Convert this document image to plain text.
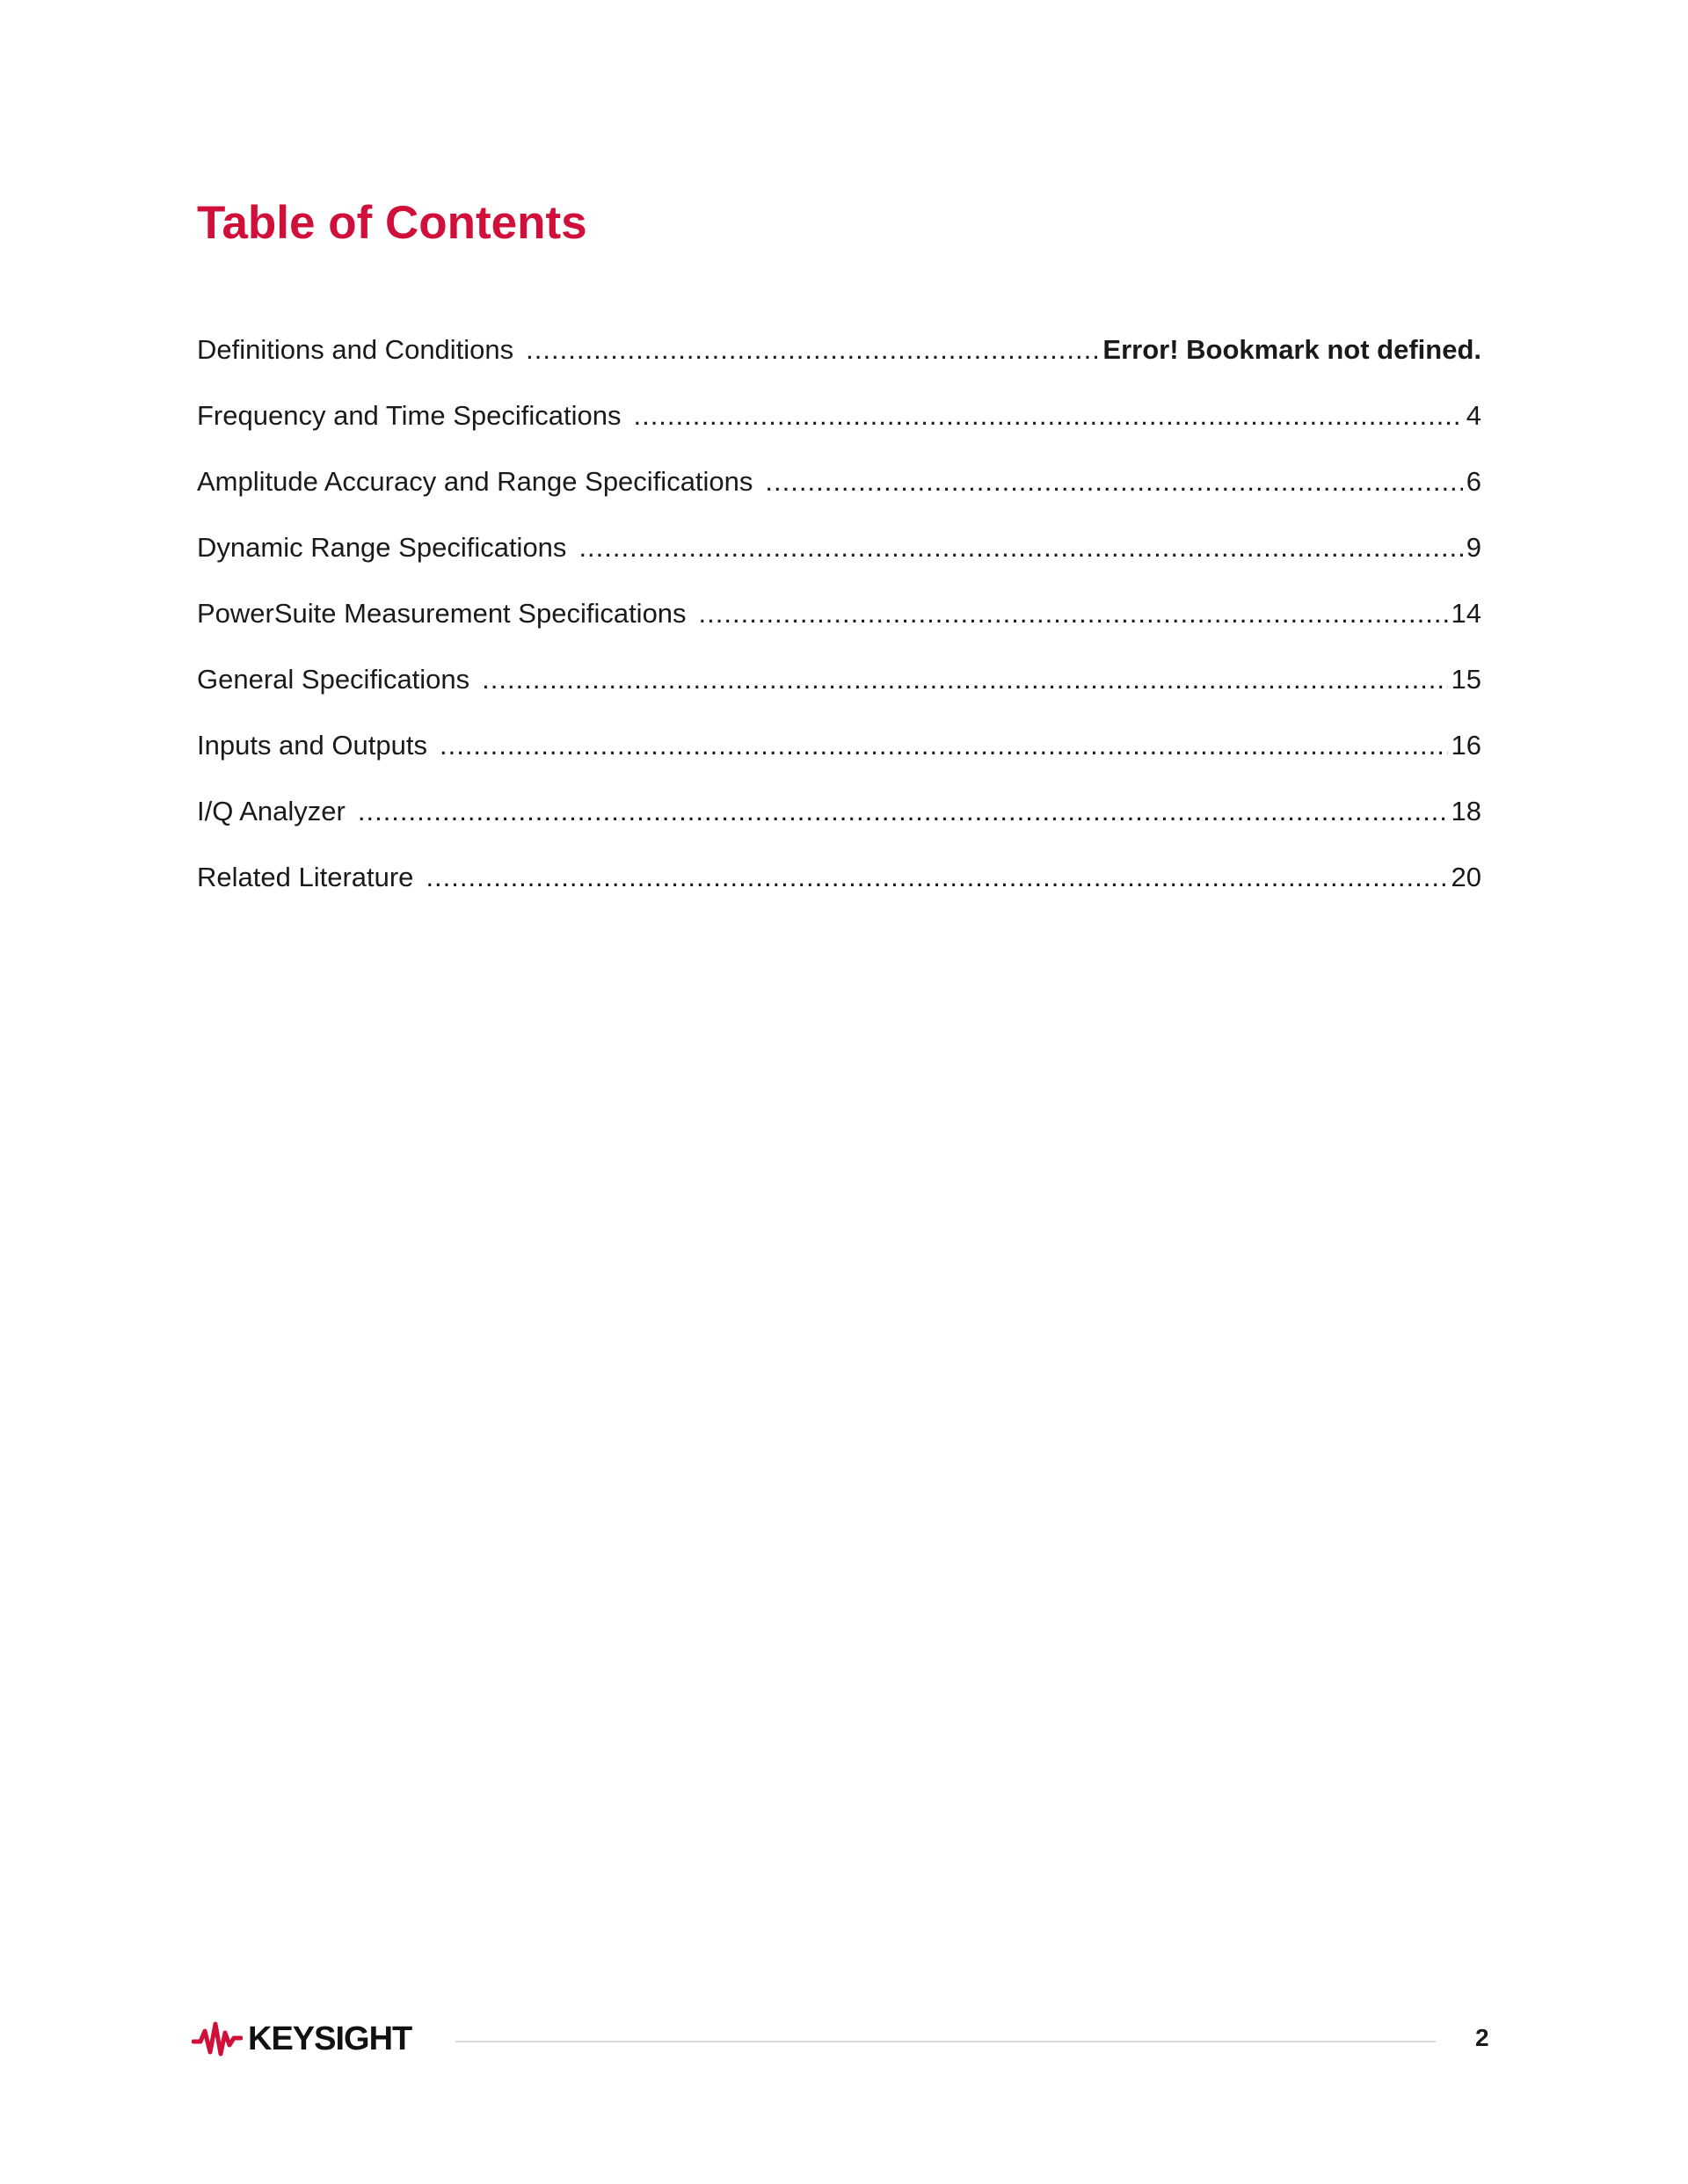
Table of Contents
Definitions and Conditions .....	Error! Bookmark not defined.
Frequency and Time Specifications .....	4
Amplitude Accuracy and Range Specifications .....	6
Dynamic Range Specifications .....	9
PowerSuite Measurement Specifications .....	14
General Specifications .....	15
Inputs and Outputs .....	16
I/Q Analyzer .....	18
Related Literature .....	20
KEYSIGHT	2
